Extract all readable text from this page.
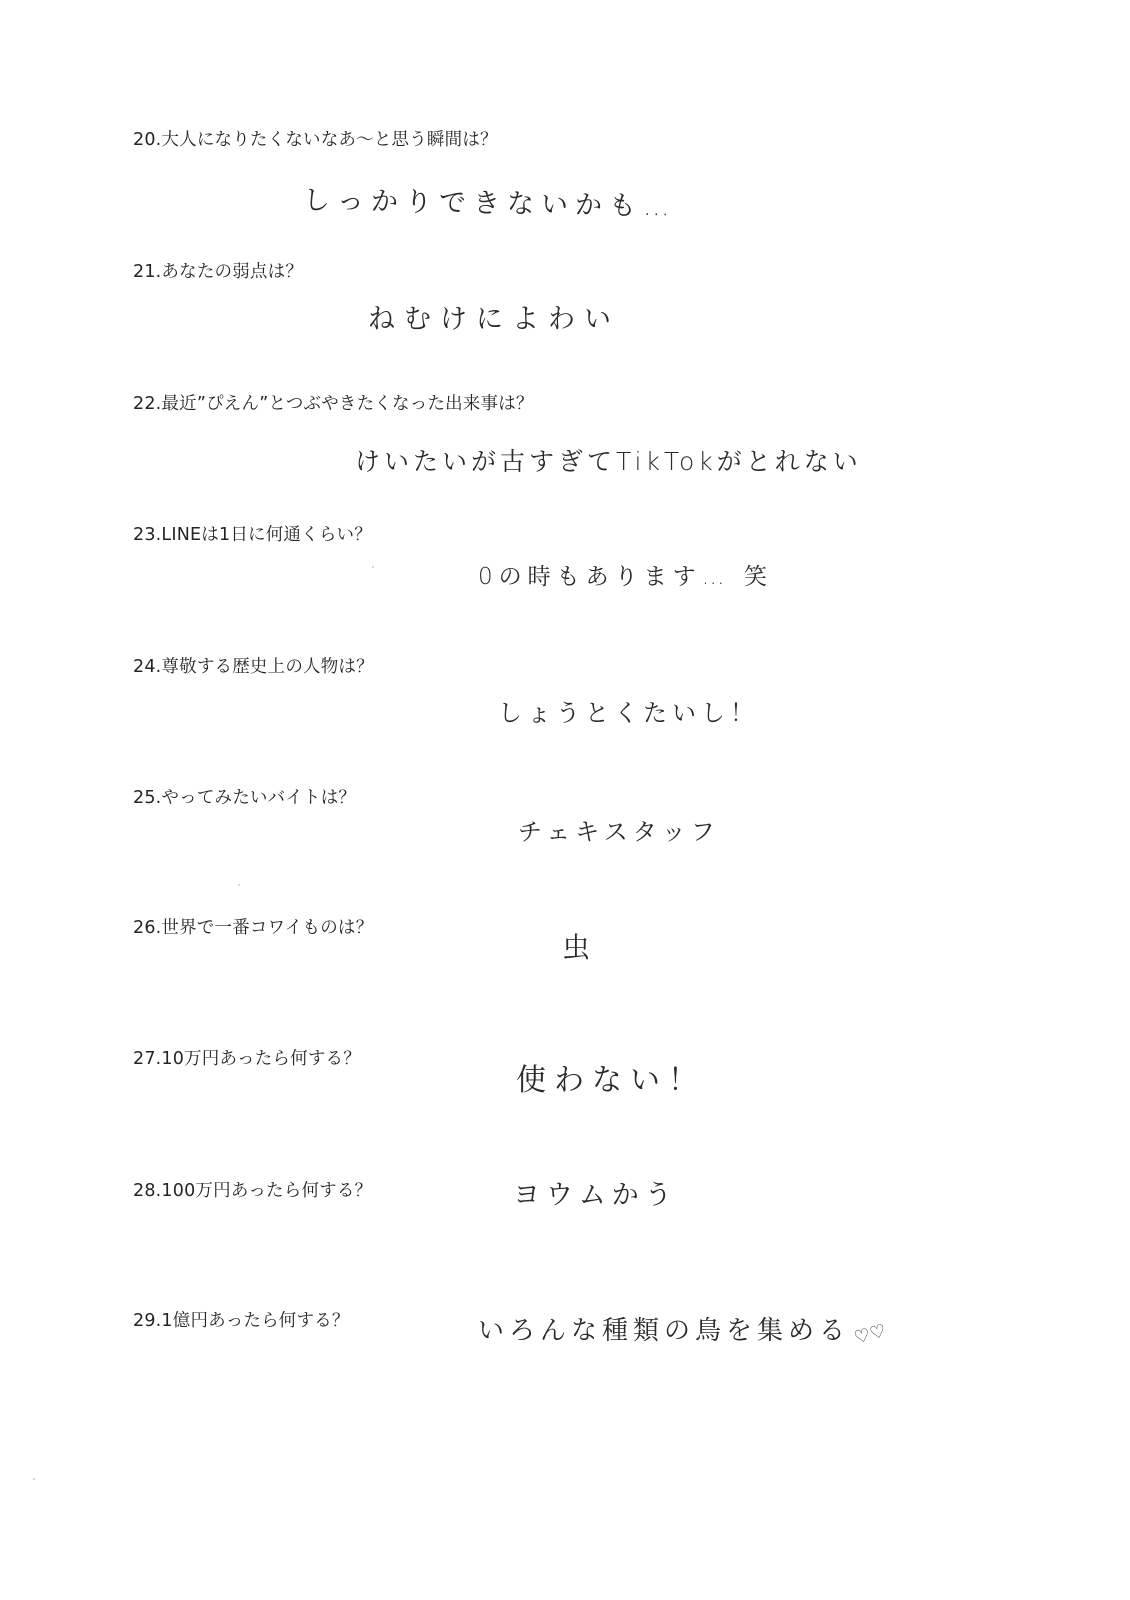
20.大人になりたくないなあ〜と思う瞬間は？
しっかりできないかも…
21.あなたの弱点は？
ねむけによわい
22.最近”ぴえん”とつぶやきたくなった出来事は？
けいたいが古すぎてTikTokがとれない
23.LINEは1日に何通くらい？
0の時もあります… 笑
24.尊敬する歴史上の人物は？
しょうとくたいし！
25.やってみたいバイトは？
チェキスタッフ
26.世界で一番コワイものは？
虫
27.10万円あったら何する？
使わない！
28.100万円あったら何する？	ヨウムかう
29.1億円あったら何する？	いろんな種類の鳥を集める ♡♡
